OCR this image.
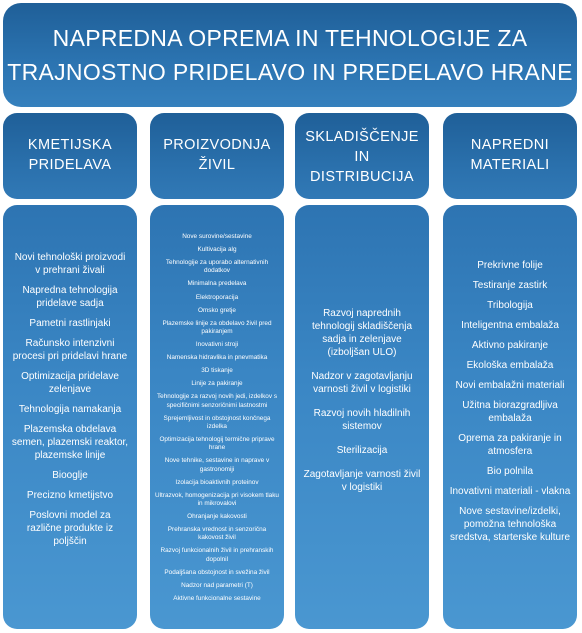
NAPREDNA OPREMA IN TEHNOLOGIJE ZA
TRAJNOSTNO PRIDELAVO IN PREDELAVO HRANE
KMETIJSKA
PRIDELAVA
PROIZVODNJA
ŽIVIL
SKLADIŠČENJE
IN
DISTRIBUCIJA
NAPREDNI
MATERIALI
Novi tehnološki proizvodi v prehrani živali
Napredna tehnologija pridelave sadja
Pametni rastlinjaki
Računsko intenzivni procesi pri pridelavi hrane
Optimizacija pridelave zelenjave
Tehnologija namakanja
Plazemska obdelava semen, plazemski reaktor, plazemske linije
Biooglje
Precizno kmetijstvo
Poslovni model za različne produkte iz poljščin
Nove surovine/sestavine
Kultivacija alg
Tehnologije za uporabo alternativnih dodatkov
Minimalna predelava
Elektroporacija
Omsko gretje
Plazemske linije za obdelavo živil pred pakiranjem
Inovativni stroji
Namenska hidravlika in pnevmatika
3D tiskanje
Linije za pakiranje
Tehnologije za razvoj novih jedi, izdelkov s specifičnimi senzoričnimi lastnostmi
Sprejemljivost in obstojnost končnega izdelka
Optimizacija tehnologij termične priprave hrane
Nove tehnike, sestavine in naprave v gastronomiji
Izolacija bioaktivnih proteinov
Ultrazvok, homogenizacija pri visokem tlaku in mikrovalovi
Ohranjanje kakovosti
Prehranska vrednost in senzorična kakovost živil
Razvoj funkcionalnih živil in prehranskih dopolnil
Podaljšana obstojnost in svežina živil
Nadzor nad parametri (T)
Aktivne funkcionalne sestavine
Razvoj naprednih tehnologij skladiščenja sadja in zelenjave (izboljšan ULO)
Nadzor v zagotavljanju varnosti živil v logistiki
Razvoj novih hladilnih sistemov
Sterilizacija
Zagotavljanje varnosti živil v logistiki
Prekrivne folije
Testiranje zastirk
Tribologija
Inteligentna embalaža
Aktivno pakiranje
Ekološka embalaža
Novi embalažni materiali
Užitna biorazgradljiva embalaža
Oprema za pakiranje in atmosfera
Bio polnila
Inovativni materiali - vlakna
Nove sestavine/izdelki, pomožna tehnološka sredstva, starterske kulture
